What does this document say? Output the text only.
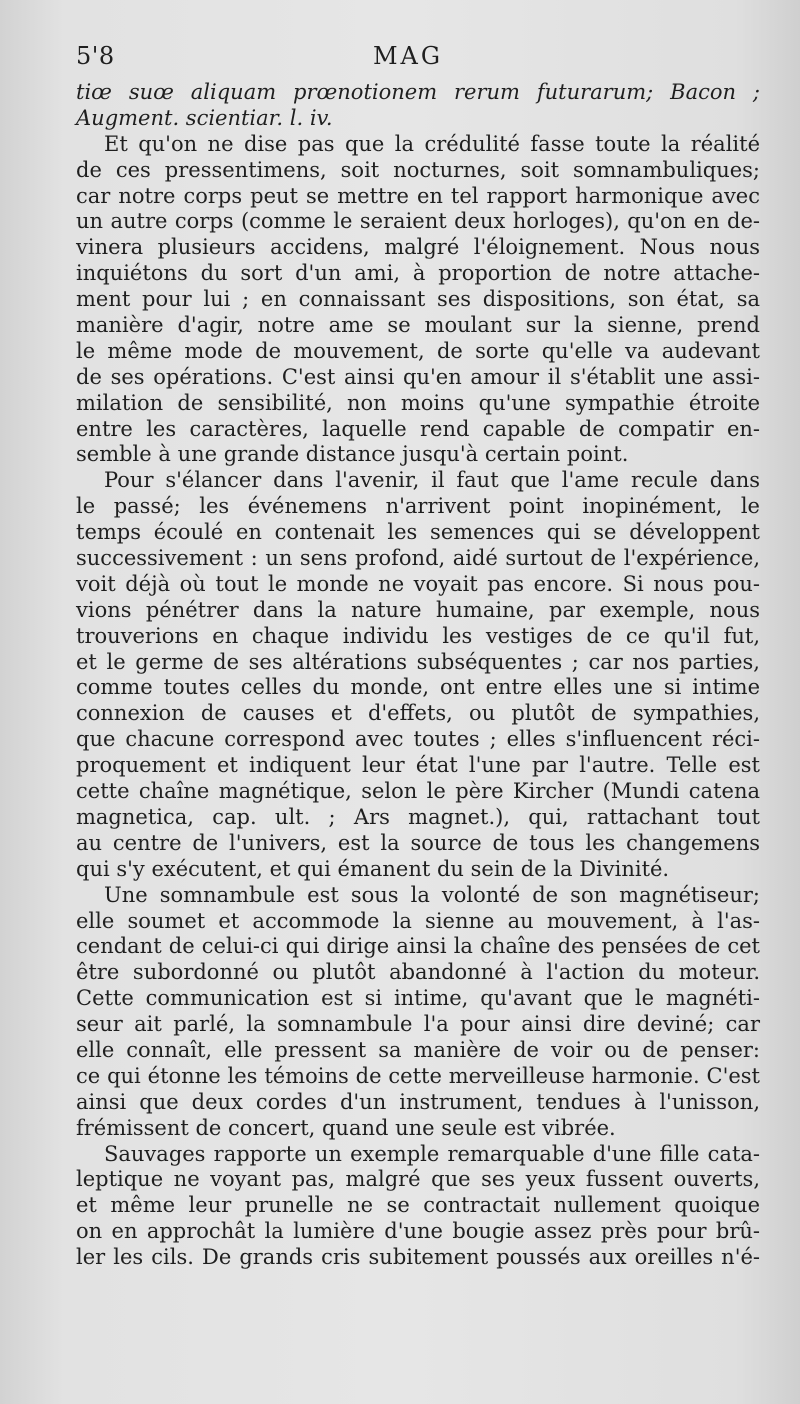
5'8	MAG
tiœ suœ aliquam prœnotionem rerum futurarum; Bacon ;
Augment. scientiar. l. iv.
Et qu'on ne dise pas que la crédulité fasse toute la réalité
de ces pressentimens, soit nocturnes, soit somnambuliques;
car notre corps peut se mettre en tel rapport harmonique avec
un autre corps (comme le seraient deux horloges), qu'on en de-
vinera plusieurs accidens, malgré l'éloignement. Nous nous
inquiétons du sort d'un ami, à proportion de notre attache-
ment pour lui ; en connaissant ses dispositions, son état, sa
manière d'agir, notre ame se moulant sur la sienne, prend
le même mode de mouvement, de sorte qu'elle va audevant
de ses opérations. C'est ainsi qu'en amour il s'établit une assi-
milation de sensibilité, non moins qu'une sympathie étroite
entre les caractères, laquelle rend capable de compatir en-
semble à une grande distance jusqu'à certain point.
Pour s'élancer dans l'avenir, il faut que l'ame recule dans
le passé; les événemens n'arrivent point inopinément, le
temps écoulé en contenait les semences qui se développent
successivement : un sens profond, aidé surtout de l'expérience,
voit déjà où tout le monde ne voyait pas encore. Si nous pou-
vions pénétrer dans la nature humaine, par exemple, nous
trouverions en chaque individu les vestiges de ce qu'il fut,
et le germe de ses altérations subséquentes ; car nos parties,
comme toutes celles du monde, ont entre elles une si intime
connexion de causes et d'effets, ou plutôt de sympathies,
que chacune correspond avec toutes ; elles s'influencent réci-
proquement et indiquent leur état l'une par l'autre. Telle est
cette chaîne magnétique, selon le père Kircher (Mundi catena
magnetica, cap. ult. ; Ars magnet.), qui, rattachant tout
au centre de l'univers, est la source de tous les changemens
qui s'y exécutent, et qui émanent du sein de la Divinité.
Une somnambule est sous la volonté de son magnétiseur;
elle soumet et accommode la sienne au mouvement, à l'as-
cendant de celui-ci qui dirige ainsi la chaîne des pensées de cet
être subordonné ou plutôt abandonné à l'action du moteur.
Cette communication est si intime, qu'avant que le magnéti-
seur ait parlé, la somnambule l'a pour ainsi dire deviné; car
elle connaît, elle pressent sa manière de voir ou de penser:
ce qui étonne les témoins de cette merveilleuse harmonie. C'est
ainsi que deux cordes d'un instrument, tendues à l'unisson,
frémissent de concert, quand une seule est vibrée.
Sauvages rapporte un exemple remarquable d'une fille cata-
leptique ne voyant pas, malgré que ses yeux fussent ouverts,
et même leur prunelle ne se contractait nullement quoique
on en approchât la lumière d'une bougie assez près pour brû-
ler les cils. De grands cris subitement poussés aux oreilles n'é-
